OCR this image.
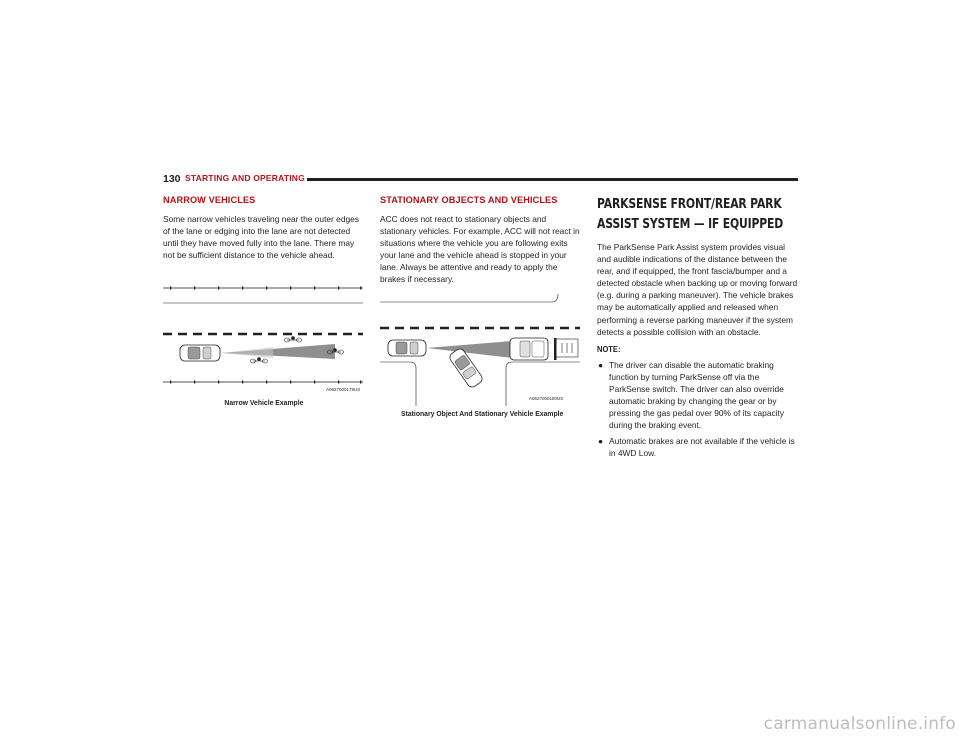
130 STARTING AND OPERATING
NARROW VEHICLES

Some narrow vehicles traveling near the outer edges of the lane or edging into the lane are not detected until they have moved fully into the lane. There may not be sufficient distance to the vehicle ahead.

A0627000179US
Narrow Vehicle Example
STATIONARY OBJECTS AND VEHICLES

ACC does not react to stationary objects and stationary vehicles. For example, ACC will not react in situations where the vehicle you are following exits your lane and the vehicle ahead is stopped in your lane. Always be attentive and ready to apply the brakes if necessary.

A0627000180US
Stationary Object And Stationary Vehicle Example
PARKSENSE FRONT/REAR PARK ASSIST SYSTEM — IF EQUIPPED

The ParkSense Park Assist system provides visual and audible indications of the distance between the rear, and if equipped, the front fascia/bumper and a detected obstacle when backing up or moving forward (e.g. during a parking maneuver). The vehicle brakes may be automatically applied and released when performing a reverse parking maneuver if the system detects a possible collision with an obstacle.

NOTE:
● The driver can disable the automatic braking function by turning ParkSense off via the ParkSense switch. The driver can also override automatic braking by changing the gear or by pressing the gas pedal over 90% of its capacity during the braking event.
● Automatic brakes are not available if the vehicle is in 4WD Low.
carmanualsonline.info
